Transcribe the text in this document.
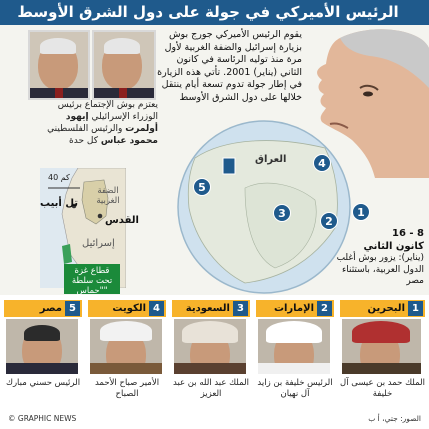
الرئيس الأميركي في جولة على دول الشرق الأوسط
يعتزم بوش الإجتماع برئيس الوزراء الإسرائيلي إيهود أولمرت والرئيس الفلسطيني محمود عباس كل حدة
يقوم الرئيس الأميركي جورج بوش بزيارة إسرائيل والضفة الغربية لأول مرة منذ توليه الرئاسة في كانون الثاني (يناير) 2001. تأتي هذه الزيارة في إطار جولة تدوم تسعة أيام ينتقل خلالها على دول الشرق الأوسط
40 كم
الضفة الغربية
تل أبيب
القدس
إسرائيل
قطاع غزة تحت سلطة "حماس"
العراق	4
5
3
2
1
8 - 16
كانون الثاني
(يناير): يزور بوش أغلب الدول العربية، باستثناء مصر
5
مصر
الرئيس حسني مبارك
4
الكويت
الأمير صباح الأحمد الصباح
3
السعودية
الملك عبد الله بن عبد العزيز
2
الإمارات
الرئيس خليفة بن زايد آل نهيان
1
البحرين
الملك حمد بن عيسى آل خليفة
© GRAPHIC NEWS	الصور: جتي، أ ب
